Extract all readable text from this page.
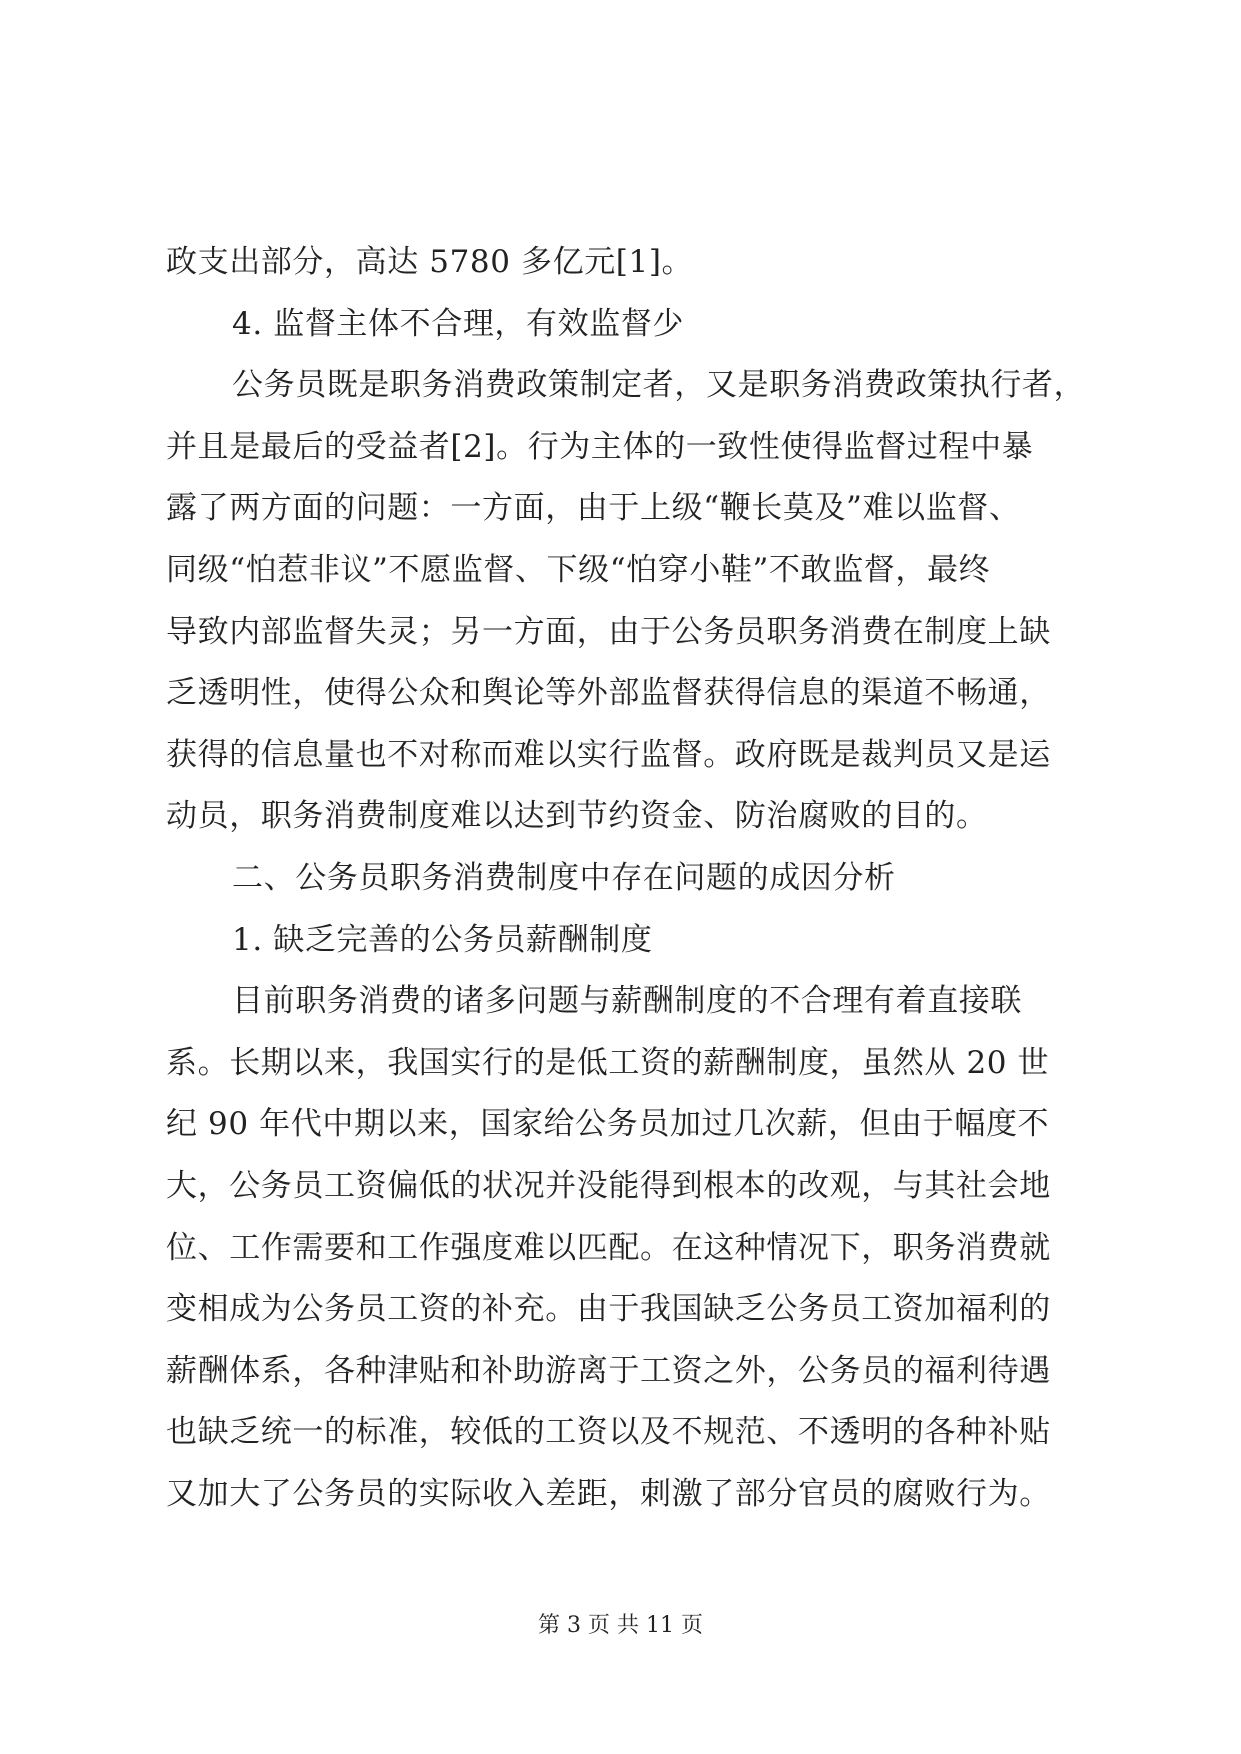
政支出部分，高达 5780 多亿元[1]。
4. 监督主体不合理，有效监督少
公务员既是职务消费政策制定者，又是职务消费政策执行者，
并且是最后的受益者[2]。行为主体的一致性使得监督过程中暴
露了两方面的问题：一方面，由于上级“鞭长莫及”难以监督、
同级“怕惹非议”不愿监督、下级“怕穿小鞋”不敢监督，最终
导致内部监督失灵；另一方面，由于公务员职务消费在制度上缺
乏透明性，使得公众和舆论等外部监督获得信息的渠道不畅通，
获得的信息量也不对称而难以实行监督。政府既是裁判员又是运
动员，职务消费制度难以达到节约资金、防治腐败的目的。
二、公务员职务消费制度中存在问题的成因分析
1. 缺乏完善的公务员薪酬制度
目前职务消费的诸多问题与薪酬制度的不合理有着直接联
系。长期以来，我国实行的是低工资的薪酬制度，虽然从 20 世
纪 90 年代中期以来，国家给公务员加过几次薪，但由于幅度不
大，公务员工资偏低的状况并没能得到根本的改观，与其社会地
位、工作需要和工作强度难以匹配。在这种情况下，职务消费就
变相成为公务员工资的补充。由于我国缺乏公务员工资加福利的
薪酬体系，各种津贴和补助游离于工资之外，公务员的福利待遇
也缺乏统一的标准，较低的工资以及不规范、不透明的各种补贴
又加大了公务员的实际收入差距，刺激了部分官员的腐败行为。
第 3 页 共 11 页
